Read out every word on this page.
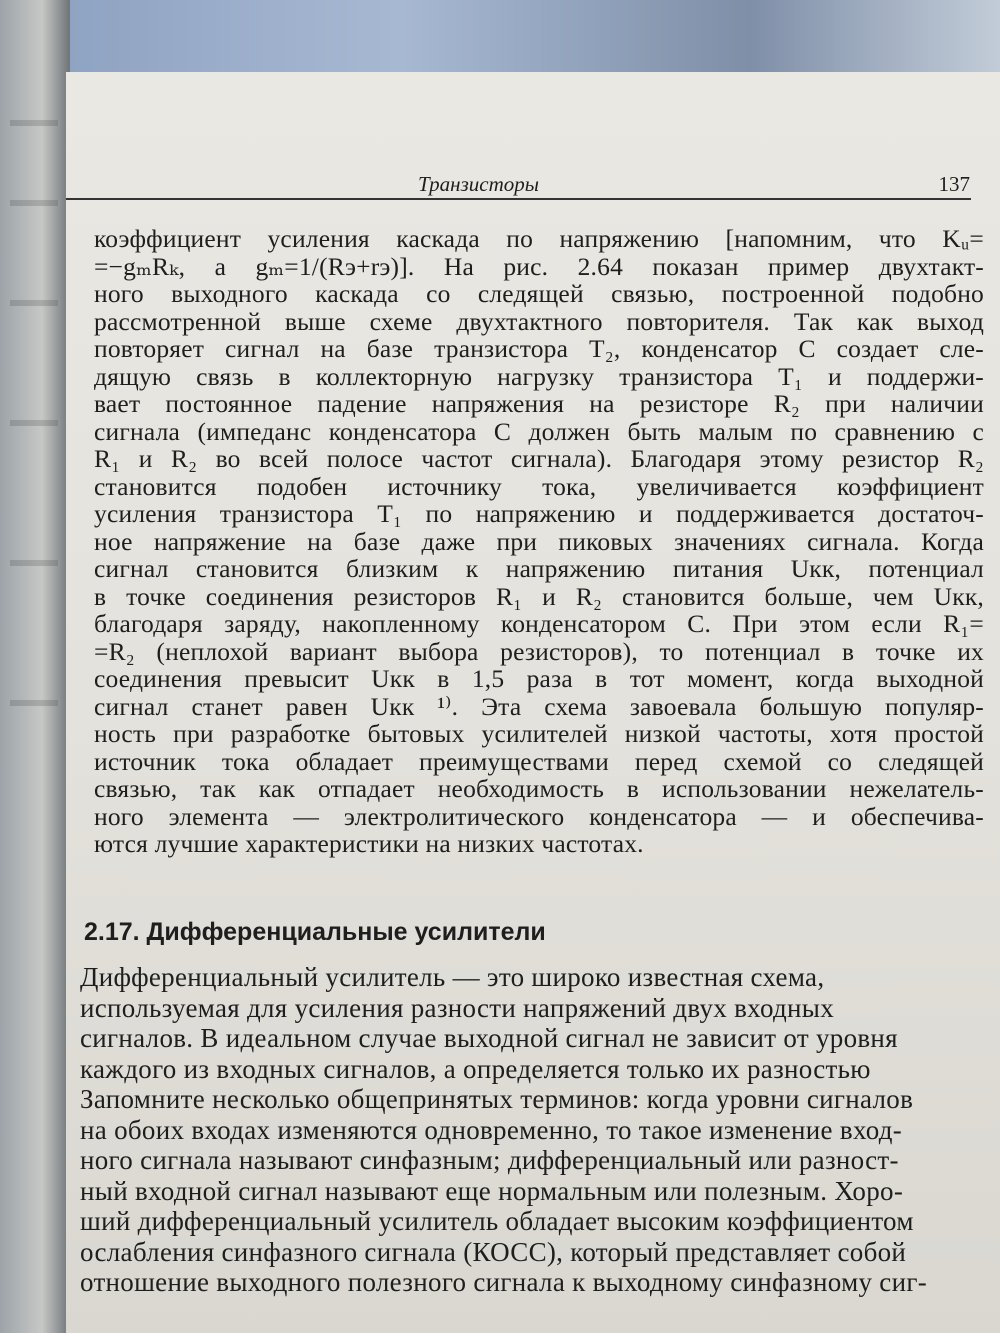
Транзисторы	137
коэффициент усиления каскада по напряжению [напомним, что Kᵤ=
=−gₘRₖ, а gₘ=1/(Rэ+rэ)]. На рис. 2.64 показан пример двухтакт-
ного выходного каскада со следящей связью, построенной подобно
рассмотренной выше схеме двухтактного повторителя. Так как выход
повторяет сигнал на базе транзистора T₂, конденсатор C создает сле-
дящую связь в коллекторную нагрузку транзистора T₁ и поддержи-
вает постоянное падение напряжения на резисторе R₂ при наличии
сигнала (импеданс конденсатора C должен быть малым по сравнению с
R₁ и R₂ во всей полосе частот сигнала). Благодаря этому резистор R₂
становится подобен источнику тока, увеличивается коэффициент
усиления транзистора T₁ по напряжению и поддерживается достаточ-
ное напряжение на базе даже при пиковых значениях сигнала. Когда
сигнал становится близким к напряжению питания Uкк, потенциал
в точке соединения резисторов R₁ и R₂ становится больше, чем Uкк,
благодаря заряду, накопленному конденсатором C. При этом если R₁=
=R₂ (неплохой вариант выбора резисторов), то потенциал в точке их
соединения превысит Uкк в 1,5 раза в тот момент, когда выходной
сигнал станет равен Uкк ¹⁾. Эта схема завоевала большую популяр-
ность при разработке бытовых усилителей низкой частоты, хотя простой
источник тока обладает преимуществами перед схемой со следящей
связью, так как отпадает необходимость в использовании нежелатель-
ного элемента — электролитического конденсатора — и обеспечива-
ются лучшие характеристики на низких частотах.
2.17. Дифференциальные усилители
Дифференциальный усилитель — это широко известная схема,
используемая для усиления разности напряжений двух входных
сигналов. В идеальном случае выходной сигнал не зависит от уровня
каждого из входных сигналов, а определяется только их разностью
Запомните несколько общепринятых терминов: когда уровни сигналов
на обоих входах изменяются одновременно, то такое изменение вход-
ного сигнала называют синфазным; дифференциальный или разност-
ный входной сигнал называют еще нормальным или полезным. Хоро-
ший дифференциальный усилитель обладает высоким коэффициентом
ослабления синфазного сигнала (КОСС), который представляет собой
отношение выходного полезного сигнала к выходному синфазному сиг-
